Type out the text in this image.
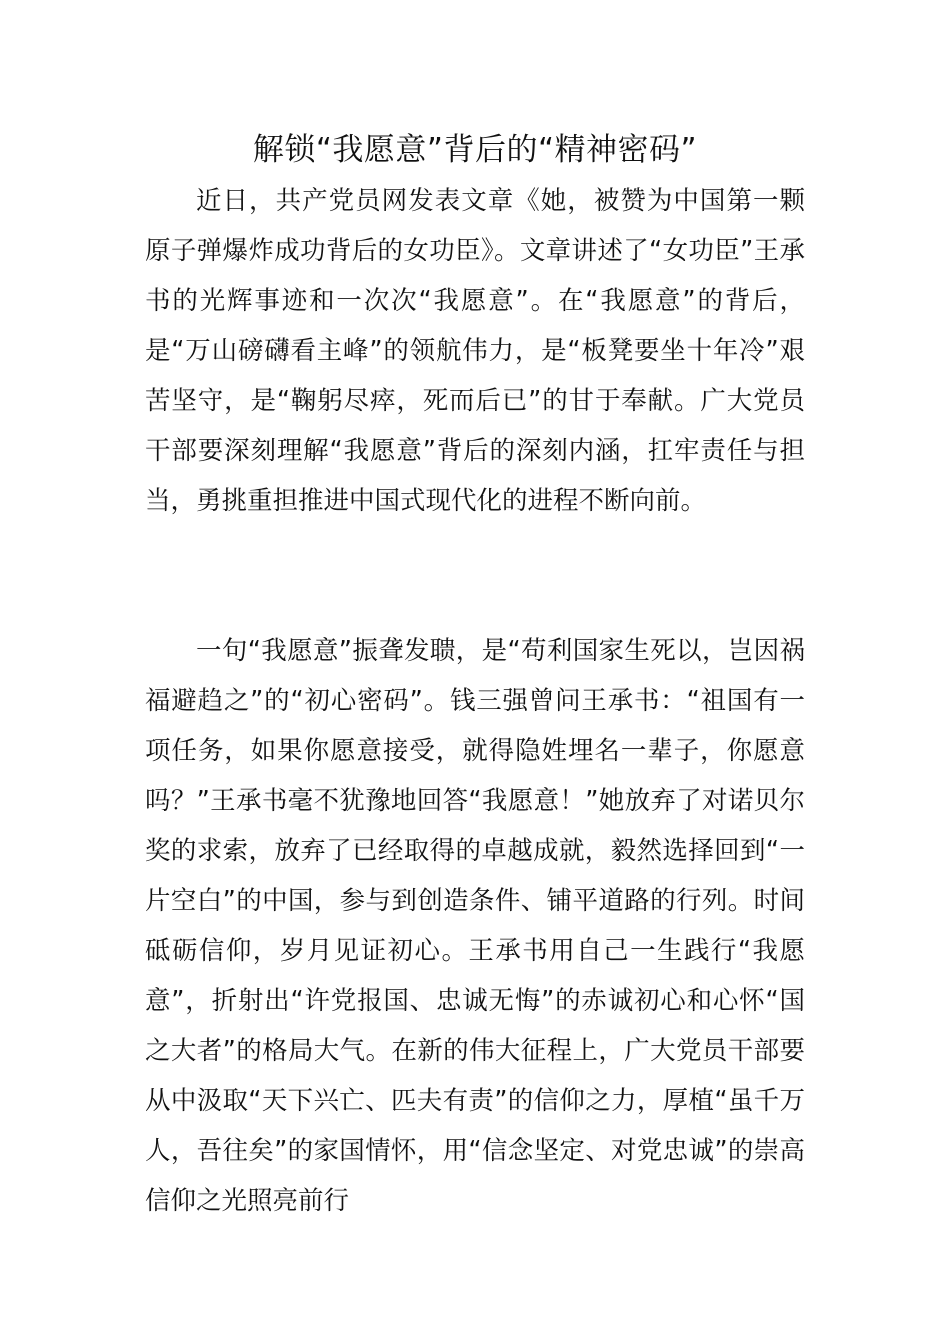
解锁“我愿意”背后的“精神密码”

近日，共产党员网发表文章《她，被赞为中国第一颗原子弹爆炸成功背后的女功臣》。文章讲述了“女功臣”王承书的光辉事迹和一次次“我愿意”。在“我愿意”的背后，是“万山磅礴看主峰”的领航伟力，是“板凳要坐十年冷”艰苦坚守，是“鞠躬尽瘁，死而后已”的甘于奉献。广大党员干部要深刻理解“我愿意”背后的深刻内涵，扛牢责任与担当，勇挑重担推进中国式现代化的进程不断向前。

一句“我愿意”振聋发聩，是“苟利国家生死以，岂因祸福避趋之”的“初心密码”。钱三强曾问王承书：“祖国有一项任务，如果你愿意接受，就得隐姓埋名一辈子，你愿意吗？”王承书毫不犹豫地回答“我愿意！”她放弃了对诺贝尔奖的求索，放弃了已经取得的卓越成就，毅然选择回到“一片空白”的中国，参与到创造条件、铺平道路的行列。时间砥砺信仰，岁月见证初心。王承书用自己一生践行“我愿意”，折射出“许党报国、忠诚无悔”的赤诚初心和心怀“国之大者”的格局大气。在新的伟大征程上，广大党员干部要从中汲取“天下兴亡、匹夫有责”的信仰之力，厚植“虽千万人，吾往矣”的家国情怀，用“信念坚定、对党忠诚”的崇高信仰之光照亮前行
